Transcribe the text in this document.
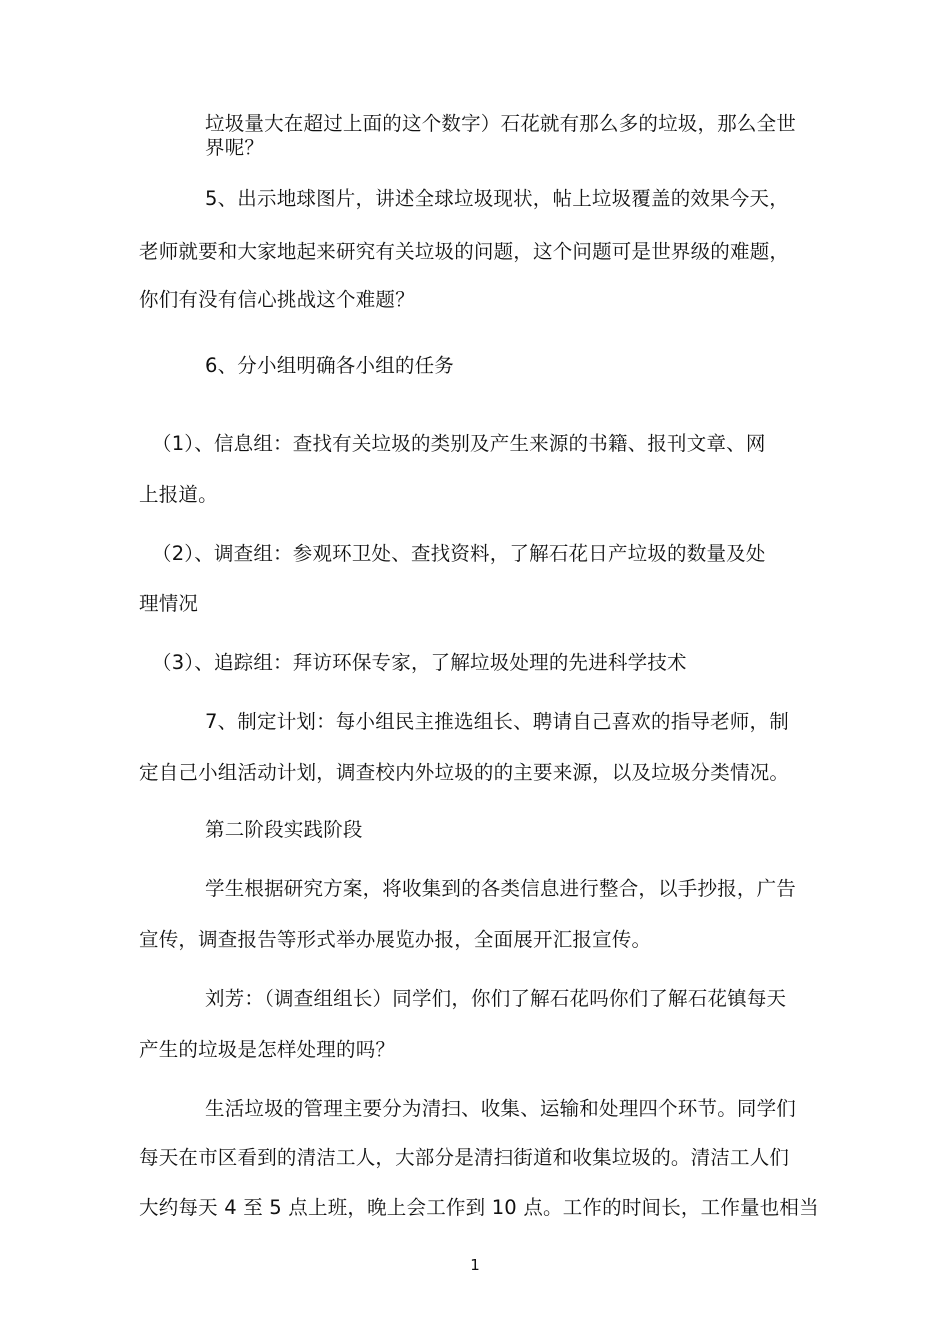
垃圾量大在超过上面的这个数字）石花就有那么多的垃圾，那么全世
界呢？
5、出示地球图片，讲述全球垃圾现状，帖上垃圾覆盖的效果今天，
老师就要和大家地起来研究有关垃圾的问题，这个问题可是世界级的难题，
你们有没有信心挑战这个难题？
6、分小组明确各小组的任务
（1）、信息组：查找有关垃圾的类别及产生来源的书籍、报刊文章、网
上报道。
（2）、调查组：参观环卫处、查找资料，了解石花日产垃圾的数量及处
理情况
（3）、追踪组：拜访环保专家，了解垃圾处理的先进科学技术
7、制定计划：每小组民主推选组长、聘请自己喜欢的指导老师，制
定自己小组活动计划，调查校内外垃圾的的主要来源，以及垃圾分类情况。
第二阶段实践阶段
学生根据研究方案，将收集到的各类信息进行整合，以手抄报，广告
宣传，调查报告等形式举办展览办报，全面展开汇报宣传。
刘芳：（调查组组长）同学们，你们了解石花吗你们了解石花镇每天
产生的垃圾是怎样处理的吗？
生活垃圾的管理主要分为清扫、收集、运输和处理四个环节。同学们
每天在市区看到的清洁工人，大部分是清扫街道和收集垃圾的。清洁工人们
大约每天 4 至 5 点上班，晚上会工作到 10 点。工作的时间长，工作量也相当
1
